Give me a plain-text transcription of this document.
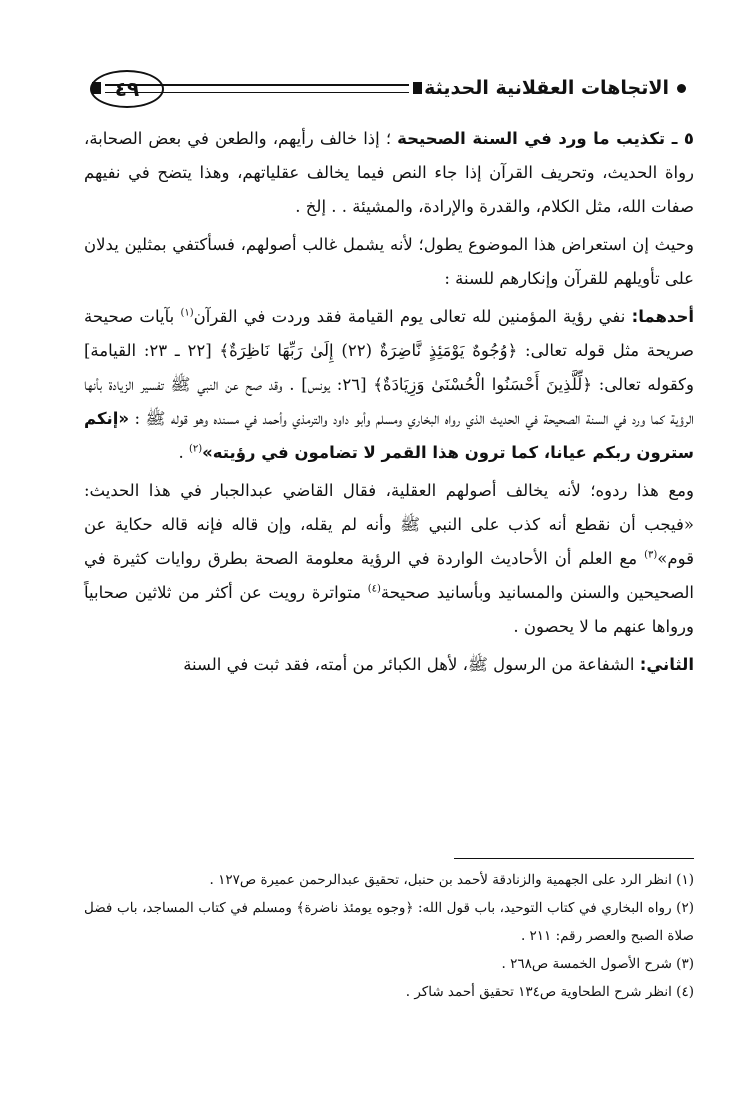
الاتجاهات العقلانية الحديثة
٤٩

٥ ـ تكذيب ما ورد في السنة الصحيحة ؛ إذا خالف رأيهم، والطعن في بعض الصحابة، رواة الحديث، وتحريف القرآن إذا جاء النص فيما يخالف عقلياتهم، وهذا يتضح في نفيهم صفات الله، مثل الكلام، والقدرة والإرادة، والمشيئة . . إلخ .

وحيث إن استعراض هذا الموضوع يطول؛ لأنه يشمل غالب أصولهم، فسأكتفي بمثلين يدلان على تأويلهم للقرآن وإنكارهم للسنة :

أحدهما: نفي رؤية المؤمنين لله تعالى يوم القيامة فقد وردت في القرآن$^{(١)}$ بآيات صحيحة صريحة مثل قوله تعالى: ﴿وُجُوهٌ يَوْمَئِذٍ نَّاضِرَةٌ (٢٢) إِلَىٰ رَبِّهَا نَاظِرَةٌ﴾ [٢٢ ـ ٢٣: القيامة] وكقوله تعالى: ﴿لِّلَّذِينَ أَحْسَنُوا الْحُسْنَىٰ وَزِيَادَةٌ﴾ [٢٦: يونس] . وقد صح عن النبي ﷺ تفسير الزيادة بأنها الرؤية كما ورد في السنة الصحيحة في الحديث الذي رواه البخاري ومسلم وأبو داود والترمذي وأحمد في مسنده وهو قوله ﷺ : «إنكم سترون ربكم عيانا، كما ترون هذا القمر لا تضامون في رؤيته»$^{(٢)}$ .

ومع هذا ردوه؛ لأنه يخالف أصولهم العقلية، فقال القاضي عبدالجبار في هذا الحديث: «فيجب أن نقطع أنه كذب على النبي ﷺ وأنه لم يقله، وإن قاله فإنه قاله حكاية عن قوم»$^{(٣)}$ مع العلم أن الأحاديث الواردة في الرؤية معلومة الصحة بطرق روايات كثيرة في الصحيحين والسنن والمسانيد وبأسانيد صحيحة$^{(٤)}$ متواترة رويت عن أكثر من ثلاثين صحابياً ورواها عنهم ما لا يحصون .

الثاني: الشفاعة من الرسول ﷺ، لأهل الكبائر من أمته، فقد ثبت في السنة

(١) انظر الرد على الجهمية والزنادقة لأحمد بن حنبل، تحقيق عبدالرحمن عميرة ص١٢٧ .

(٢) رواه البخاري في كتاب التوحيد، باب قول الله: ﴿وجوه يومئذ ناضرة﴾ ومسلم في كتاب المساجد، باب فضل صلاة الصبح والعصر رقم: ٢١١ .

(٣) شرح الأصول الخمسة ص٢٦٨ .

(٤) انظر شرح الطحاوية ص١٣٤ تحقيق أحمد شاكر .
